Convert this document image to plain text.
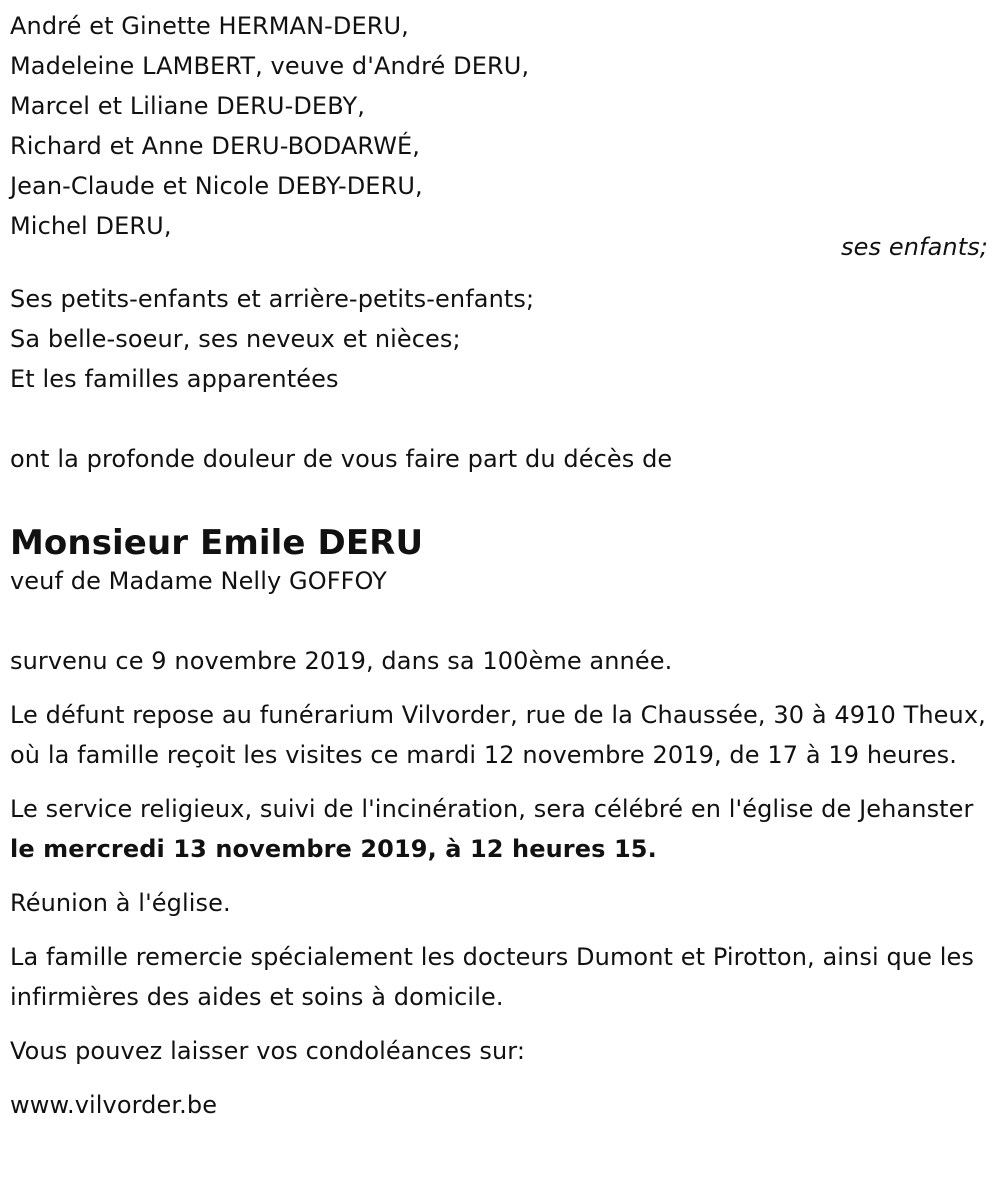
André et Ginette HERMAN-DERU,
Madeleine LAMBERT, veuve d'André DERU,
Marcel et Liliane DERU-DEBY,
Richard et Anne DERU-BODARWÉ,
Jean-Claude et Nicole DEBY-DERU,
Michel DERU,
ses enfants;
Ses petits-enfants et arrière-petits-enfants;
Sa belle-soeur, ses neveux et nièces;
Et les familles apparentées
ont la profonde douleur de vous faire part du décès de
Monsieur Emile DERU
veuf de Madame Nelly GOFFOY
survenu ce 9 novembre 2019, dans sa 100ème année.
Le défunt repose au funérarium Vilvorder, rue de la Chaussée, 30 à 4910 Theux, où la famille reçoit les visites ce mardi 12 novembre 2019, de 17 à 19 heures.
Le service religieux, suivi de l'incinération, sera célébré en l'église de Jehanster le mercredi 13 novembre 2019, à 12 heures 15.
Réunion à l'église.
La famille remercie spécialement les docteurs Dumont et Pirotton, ainsi que les infirmières des aides et soins à domicile.
Vous pouvez laisser vos condoléances sur:
www.vilvorder.be
